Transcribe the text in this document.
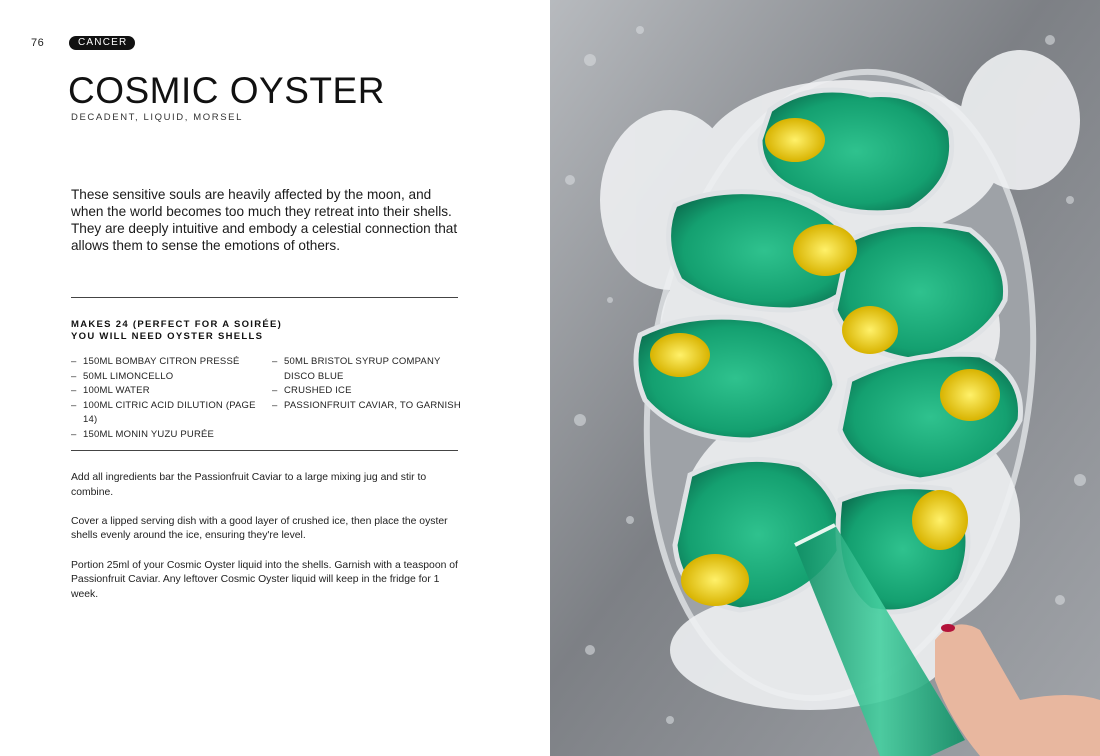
76	CANCER
COSMIC OYSTER
DECADENT, LIQUID, MORSEL

These sensitive souls are heavily affected by the moon, and when the world becomes too much they retreat into their shells. They are deeply intuitive and embody a celestial connection that allows them to sense the emotions of others.

MAKES 24 (PERFECT FOR A SOIRÉE)
YOU WILL NEED OYSTER SHELLS
– 150ML BOMBAY CITRON PRESSÉ
– 50ML LIMONCELLO
– 100ML WATER
– 100ML CITRIC ACID DILUTION (PAGE 14)
– 150ML MONIN YUZU PURÉE
– 50ML BRISTOL SYRUP COMPANY DISCO BLUE
– CRUSHED ICE
– PASSIONFRUIT CAVIAR, TO GARNISH

Add all ingredients bar the Passionfruit Caviar to a large mixing jug and stir to combine.

Cover a lipped serving dish with a good layer of crushed ice, then place the oyster shells evenly around the ice, ensuring they're level.

Portion 25ml of your Cosmic Oyster liquid into the shells. Garnish with a teaspoon of Passionfruit Caviar. Any leftover Cosmic Oyster liquid will keep in the fridge for 1 week.
